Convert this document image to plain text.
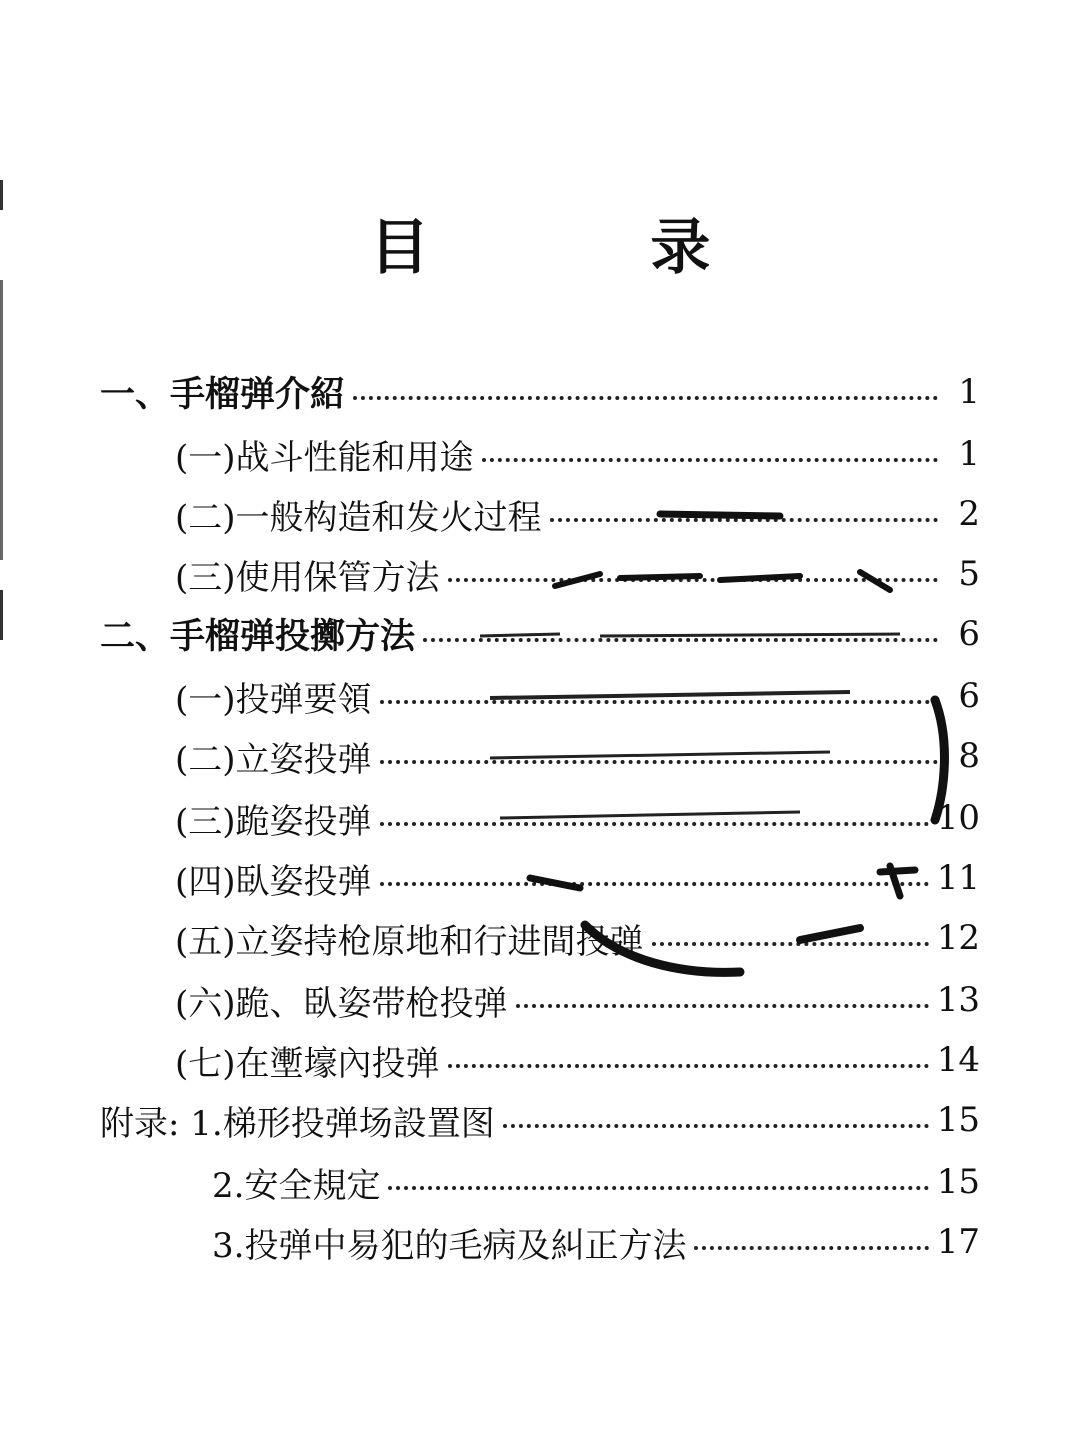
目 录
一、手榴弹介紹	1
(一)战斗性能和用途	1
(二)一般构造和发火过程	2
(三)使用保管方法	5
二、手榴弹投擲方法	6
(一)投弹要領	6
(二)立姿投弹	8
(三)跪姿投弹	10
(四)臥姿投弹	11
(五)立姿持枪原地和行进間投弹	12
(六)跪、臥姿带枪投弹	13
(七)在壍壕內投弹	14
附录: 1.梯形投弹场設置图	15
2.安全規定	15
3.投弹中易犯的毛病及糾正方法	17
